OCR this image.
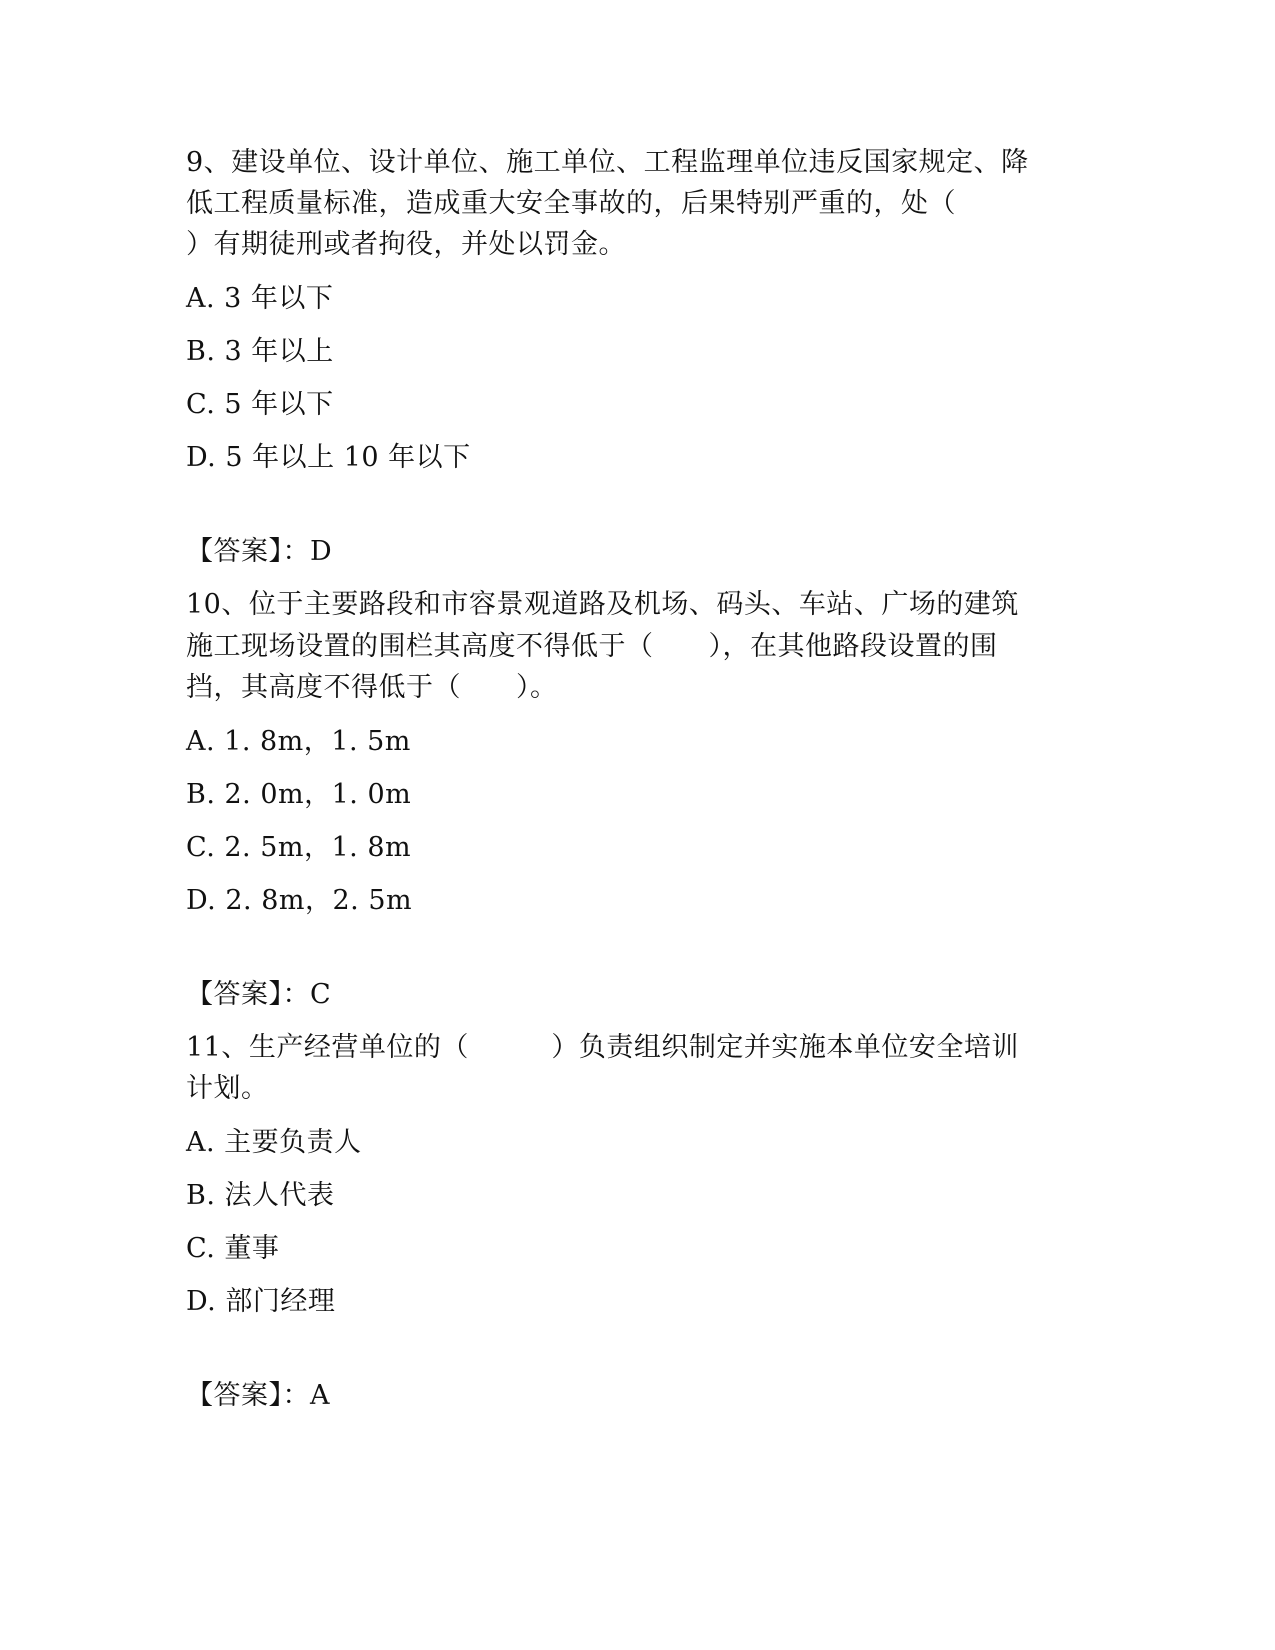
9、建设单位、设计单位、施工单位、工程监理单位违反国家规定、降
低工程质量标准，造成重大安全事故的，后果特别严重的，处（
）有期徒刑或者拘役，并处以罚金。
A. 3 年以下
B. 3 年以上
C. 5 年以下
D. 5 年以上 10 年以下
【答案】：D
10、位于主要路段和市容景观道路及机场、码头、车站、广场的建筑
施工现场设置的围栏其高度不得低于（　　），在其他路段设置的围
挡，其高度不得低于（　　）。
A. 1. 8m，1. 5m
B. 2. 0m，1. 0m
C. 2. 5m，1. 8m
D. 2. 8m，2. 5m
【答案】：C
11、生产经营单位的（　　　）负责组织制定并实施本单位安全培训
计划。
A. 主要负责人
B. 法人代表
C. 董事
D. 部门经理
【答案】：A
